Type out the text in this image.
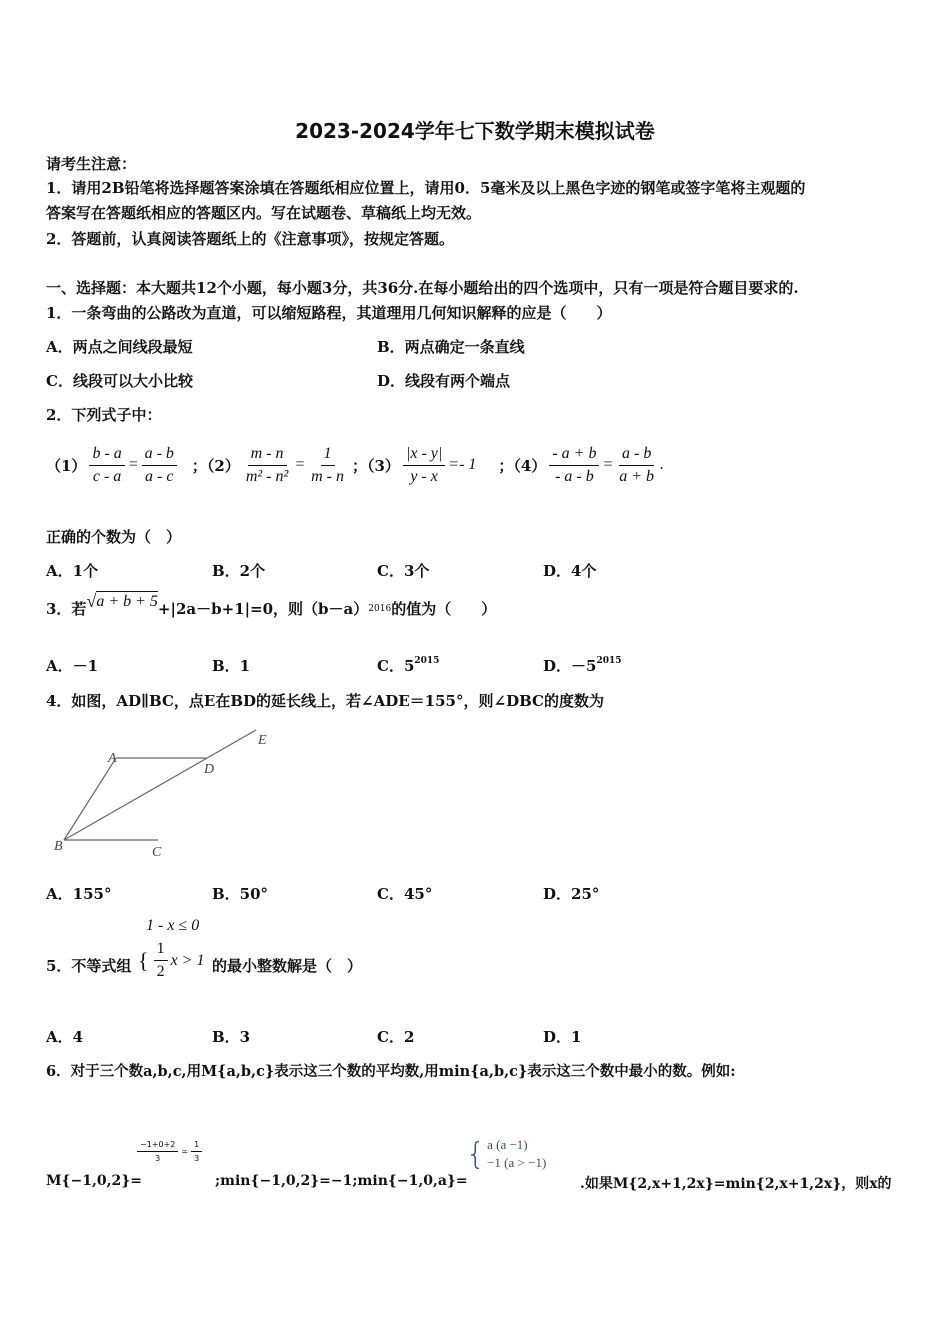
2023-2024学年七下数学期末模拟试卷
请考生注意：
1．请用2B铅笔将选择题答案涂填在答题纸相应位置上，请用0．5毫米及以上黑色字迹的钢笔或签字笔将主观题的
答案写在答题纸相应的答题区内。写在试题卷、草稿纸上均无效。
2．答题前，认真阅读答题纸上的《注意事项》，按规定答题。
一、选择题：本大题共12个小题，每小题3分，共36分.在每小题给出的四个选项中，只有一项是符合题目要求的.
1．一条弯曲的公路改为直道，可以缩短路程，其道理用几何知识解释的应是（　　）
A．两点之间线段最短	B．两点确定一条直线
C．线段可以大小比较	D．线段有两个端点
2．下列式子中：
$(1) \frac{b - a}{c - a} = \frac{a - b}{a - c}$ ；$(2) \frac{m - n}{\text{m² - n²}} = \frac{1}{m - n}$ ；$(3) \frac{|x - y|}{y - x} =- 1$ ；$(4) \frac{- a + b}{- a - b} = \frac{a - b}{a + b}$ .
正确的个数为（　）
A．1个	B．2个	C．3个	D．4个
3．若 √ a + b + 5 +|2a－b+1|=0，则（b－a） 2016 的值为（　　）
A．－1	B．1	C．$5^{2015}$	D．$-5^{2015}$
4．如图，AD∥BC，点E在BD的延长线上，若∠ADE＝155°，则∠DBC的度数为
A
D
E
B	C
A．155°	B．50°	C．45°	D．25°
1 - x ≤ 0
5．不等式组 { $\frac{1}{2}$ x > 1 的最小整数解是（　）
A．4	B．3	C．2	D．1
6．对于三个数a,b,c,用M{a,b,c}表示这三个数的平均数,用min{a,b,c}表示这三个数中最小的数。例如:
M{−1,0,2}=
$\frac{-1+0+2}{3} = \frac{1}{3}$
;min{−1,0,2}=−1;min{−1,0,a}=
{ a (a −1)
−1 (a > −1)
.如果M{2,x+1,2x}=min{2,x+1,2x}，则x的
